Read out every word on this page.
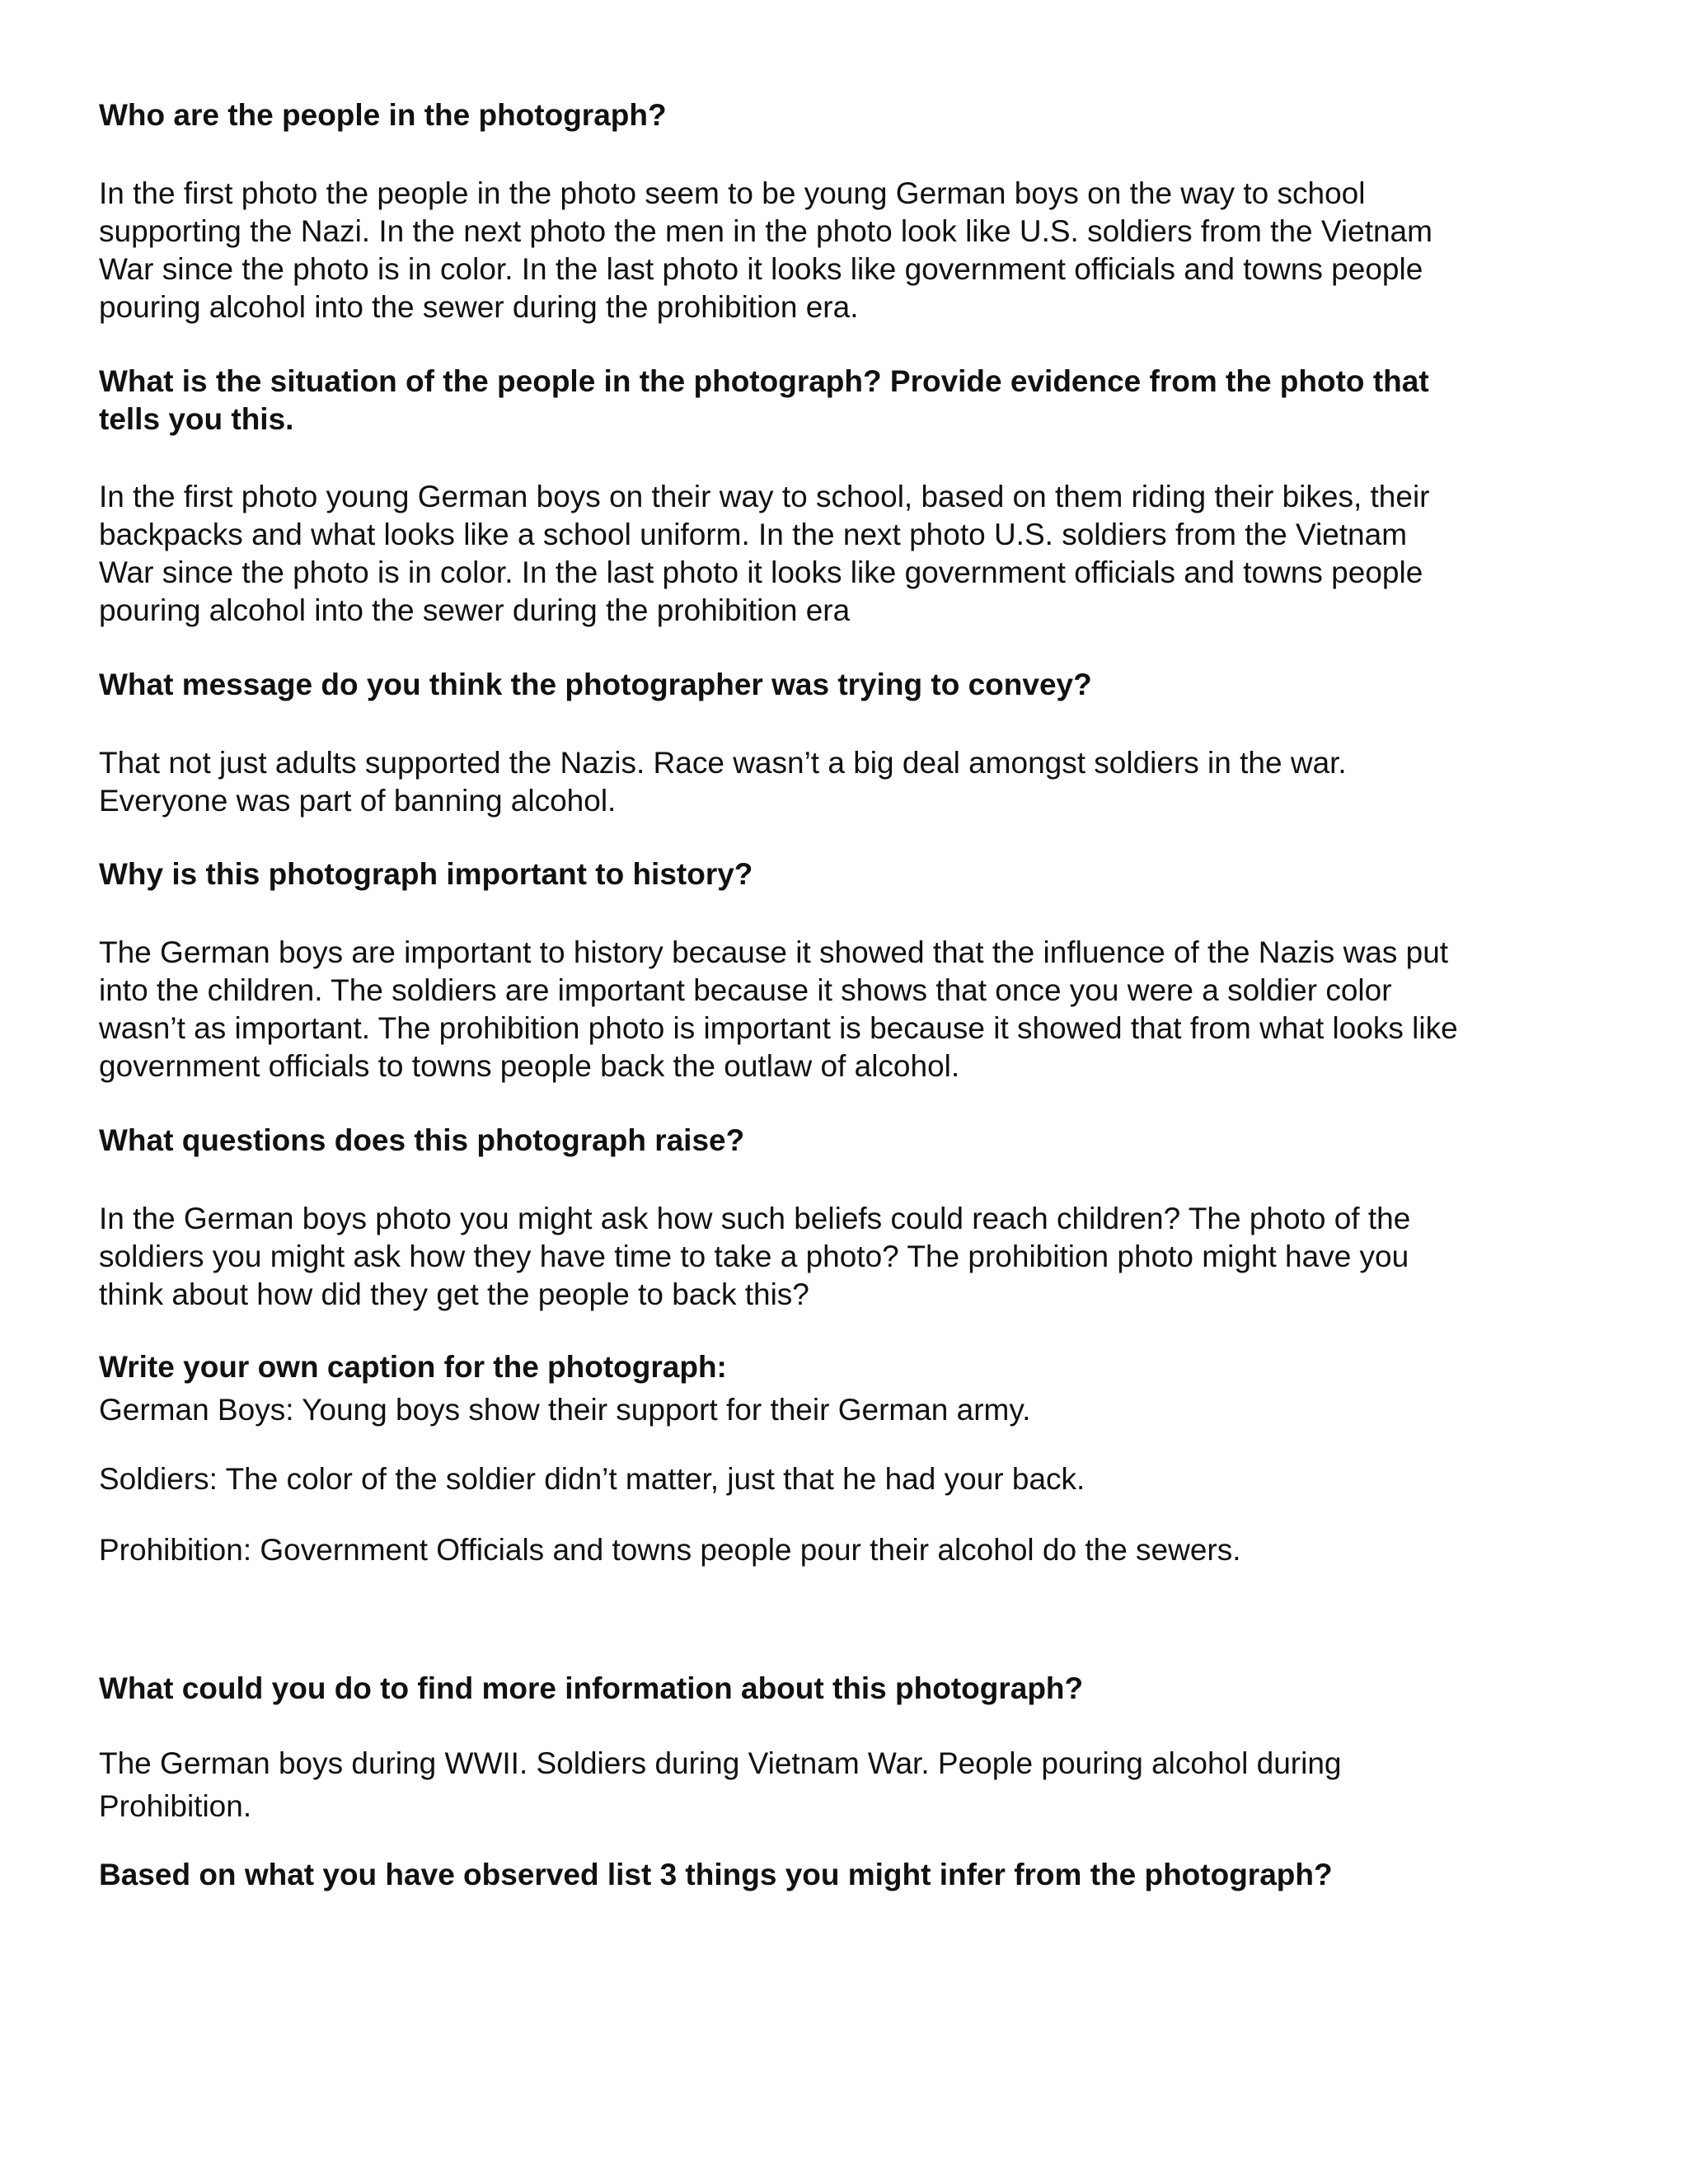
Who are the people in the photograph?

In the first photo the people in the photo seem to be young German boys on the way to school
supporting the Nazi. In the next photo the men in the photo look like U.S. soldiers from the Vietnam
War since the photo is in color. In the last photo it looks like government officials and towns people
pouring alcohol into the sewer during the prohibition era.

What is the situation of the people in the photograph? Provide evidence from the photo that
tells you this.

In the first photo young German boys on their way to school, based on them riding their bikes, their
backpacks and what looks like a school uniform. In the next photo U.S. soldiers from the Vietnam
War since the photo is in color. In the last photo it looks like government officials and towns people
pouring alcohol into the sewer during the prohibition era

What message do you think the photographer was trying to convey?

That not just adults supported the Nazis. Race wasn’t a big deal amongst soldiers in the war.
Everyone was part of banning alcohol.

Why is this photograph important to history?

The German boys are important to history because it showed that the influence of the Nazis was put
into the children. The soldiers are important because it shows that once you were a soldier color
wasn’t as important. The prohibition photo is important is because it showed that from what looks like
government officials to towns people back the outlaw of alcohol.

What questions does this photograph raise?

In the German boys photo you might ask how such beliefs could reach children? The photo of the
soldiers you might ask how they have time to take a photo? The prohibition photo might have you
think about how did they get the people to back this?

Write your own caption for the photograph:

German Boys: Young boys show their support for their German army.

Soldiers: The color of the soldier didn’t matter, just that he had your back.

Prohibition: Government Officials and towns people pour their alcohol do the sewers.

What could you do to find more information about this photograph?

The German boys during WWII. Soldiers during Vietnam War. People pouring alcohol during
Prohibition.

Based on what you have observed list 3 things you might infer from the photograph?
